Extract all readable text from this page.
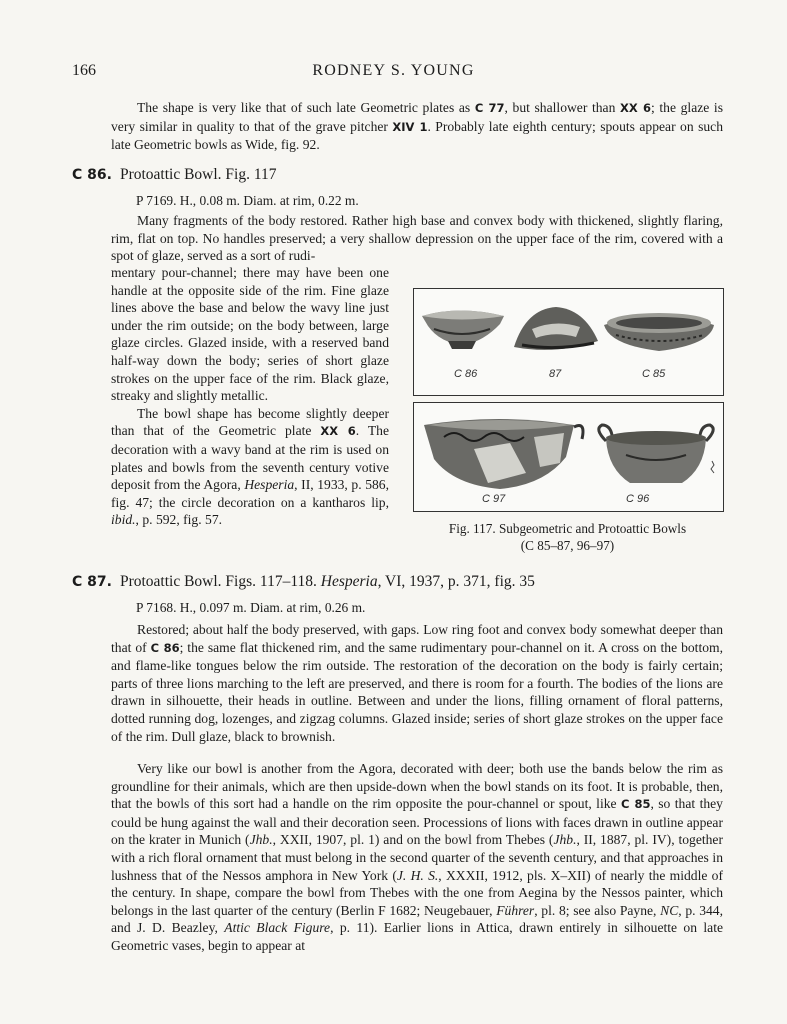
166	RODNEY S. YOUNG
The shape is very like that of such late Geometric plates as C 77, but shallower than XX 6; the glaze is very similar in quality to that of the grave pitcher XIV 1. Probably late eighth century; spouts appear on such late Geometric bowls as Wide, fig. 92.
C 86. Protoattic Bowl. Fig. 117
P 7169. H., 0.08 m. Diam. at rim, 0.22 m.
Many fragments of the body restored. Rather high base and convex body with thickened, slightly flaring, rim, flat on top. No handles preserved; a very shallow depression on the upper face of the rim, covered with a spot of glaze, served as a sort of rudi-
mentary pour-channel; there may have been one handle at the opposite side of the rim. Fine glaze lines above the base and below the wavy line just under the rim outside; on the body between, large glaze circles. Glazed inside, with a reserved band half-way down the body; series of short glaze strokes on the upper face of the rim. Black glaze, streaky and slightly metallic.
The bowl shape has become slightly deeper than that of the Geometric plate XX 6. The decoration with a wavy band at the rim is used on plates and bowls from the seventh century votive deposit from the Agora, Hesperia, II, 1933, p. 586, fig. 47; the circle decoration on a kantharos lip, ibid., p. 592, fig. 57.
C 86	87	C 85
C 97	C 96
Fig. 117. Subgeometric and Protoattic Bowls
(C 85–87, 96–97)
C 87. Protoattic Bowl. Figs. 117–118. Hesperia, VI, 1937, p. 371, fig. 35
P 7168. H., 0.097 m. Diam. at rim, 0.26 m.
Restored; about half the body preserved, with gaps. Low ring foot and convex body somewhat deeper than that of C 86; the same flat thickened rim, and the same rudimentary pour-channel on it. A cross on the bottom, and flame-like tongues below the rim outside. The restoration of the decoration on the body is fairly certain; parts of three lions marching to the left are preserved, and there is room for a fourth. The bodies of the lions are drawn in silhouette, their heads in outline. Between and under the lions, filling ornament of floral patterns, dotted running dog, lozenges, and zigzag columns. Glazed inside; series of short glaze strokes on the upper face of the rim. Dull glaze, black to brownish.
Very like our bowl is another from the Agora, decorated with deer; both use the bands below the rim as groundline for their animals, which are then upside-down when the bowl stands on its foot. It is probable, then, that the bowls of this sort had a handle on the rim opposite the pour-channel or spout, like C 85, so that they could be hung against the wall and their decoration seen. Processions of lions with faces drawn in outline appear on the krater in Munich (Jhb., XXII, 1907, pl. 1) and on the bowl from Thebes (Jhb., II, 1887, pl. IV), together with a rich floral ornament that must belong in the second quarter of the seventh century, and that approaches in lushness that of the Nessos amphora in New York (J. H. S., XXXII, 1912, pls. X–XII) of nearly the middle of the century. In shape, compare the bowl from Thebes with the one from Aegina by the Nessos painter, which belongs in the last quarter of the century (Berlin F 1682; Neugebauer, Führer, pl. 8; see also Payne, NC, p. 344, and J. D. Beazley, Attic Black Figure, p. 11). Earlier lions in Attica, drawn entirely in silhouette on late Geometric vases, begin to appear at
